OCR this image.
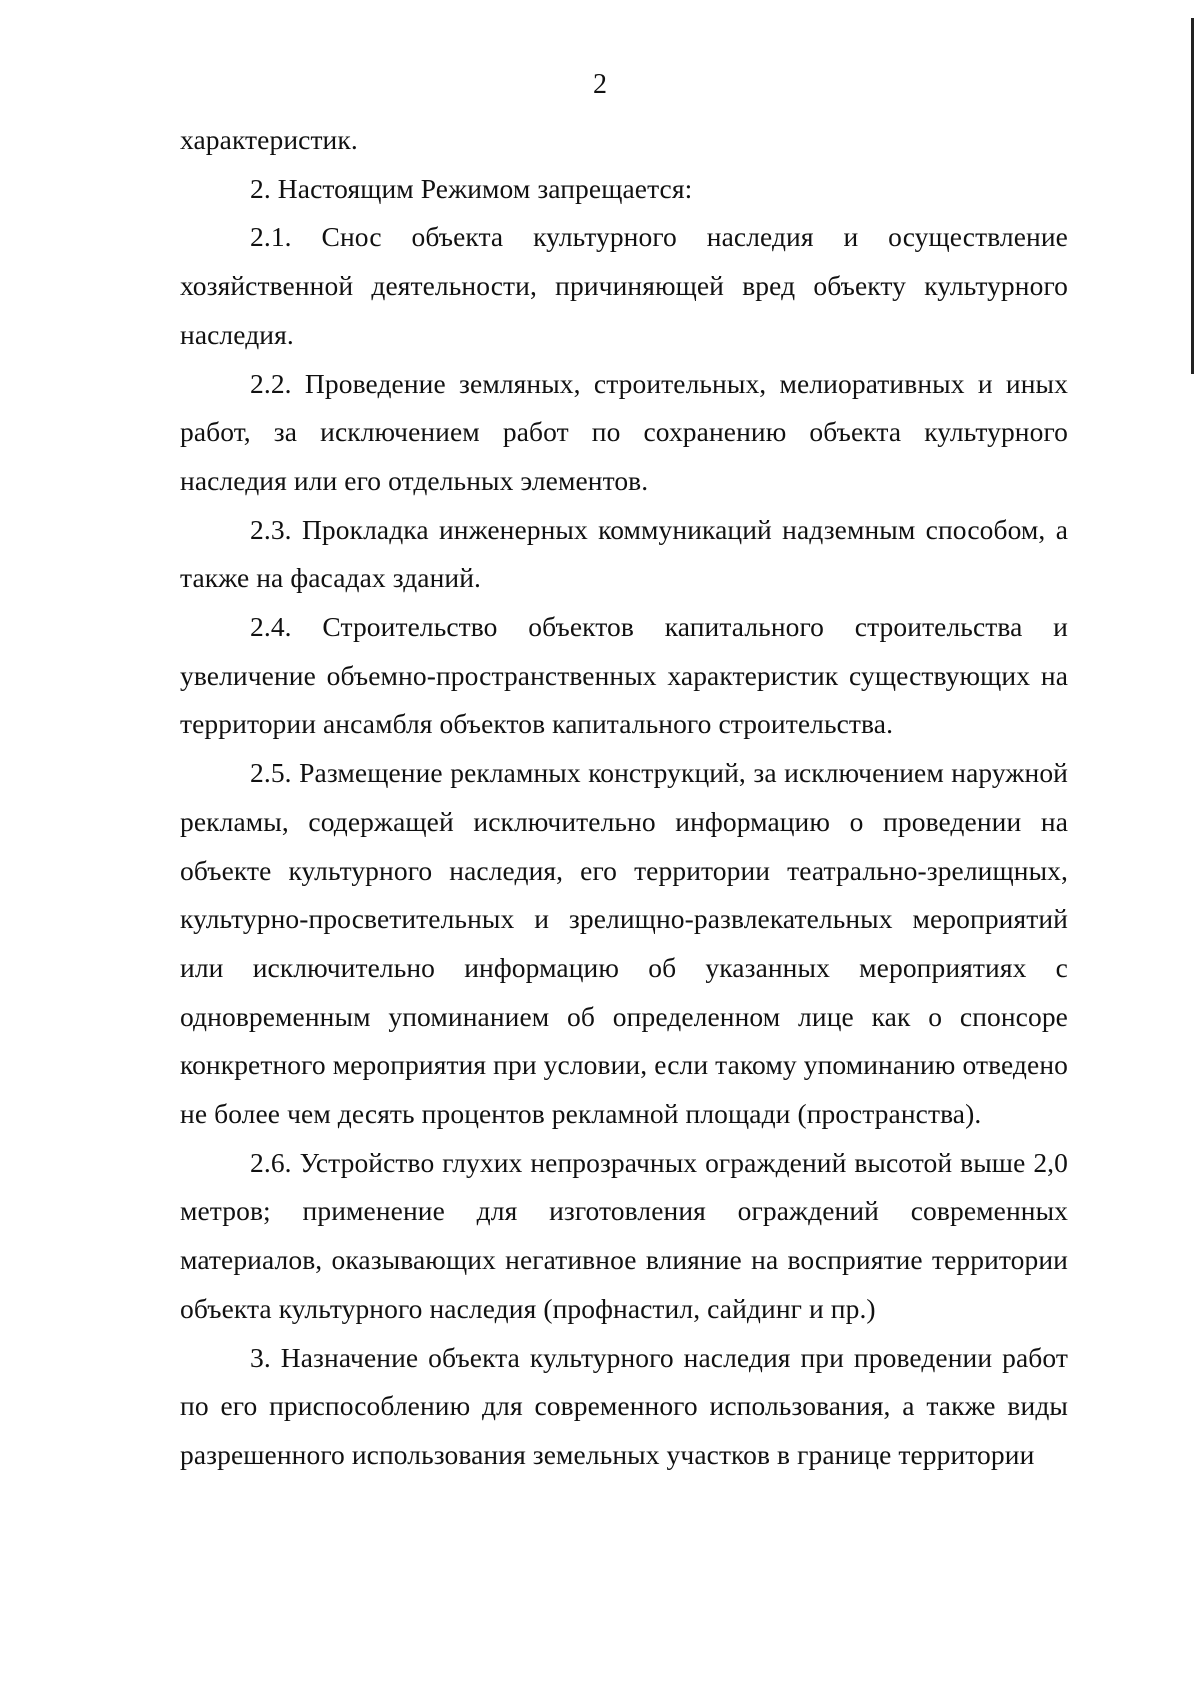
2

характеристик.

2. Настоящим Режимом запрещается:

2.1. Снос объекта культурного наследия и осуществление хозяйственной деятельности, причиняющей вред объекту культурного наследия.

2.2. Проведение земляных, строительных, мелиоративных и иных работ, за исключением работ по сохранению объекта культурного наследия или его отдельных элементов.

2.3. Прокладка инженерных коммуникаций надземным способом, а также на фасадах зданий.

2.4. Строительство объектов капитального строительства и увеличение объемно-пространственных характеристик существующих на территории ансамбля объектов капитального строительства.

2.5. Размещение рекламных конструкций, за исключением наружной рекламы, содержащей исключительно информацию о проведении на объекте культурного наследия, его территории театрально-зрелищных, культурно-просветительных и зрелищно-развлекательных мероприятий или исключительно информацию об указанных мероприятиях с одновременным упоминанием об определенном лице как о спонсоре конкретного мероприятия при условии, если такому упоминанию отведено не более чем десять процентов рекламной площади (пространства).

2.6. Устройство глухих непрозрачных ограждений высотой выше 2,0 метров; применение для изготовления ограждений современных материалов, оказывающих негативное влияние на восприятие территории объекта культурного наследия (профнастил, сайдинг и пр.)

3. Назначение объекта культурного наследия при проведении работ по его приспособлению для современного использования, а также виды разрешенного использования земельных участков в границе территории
